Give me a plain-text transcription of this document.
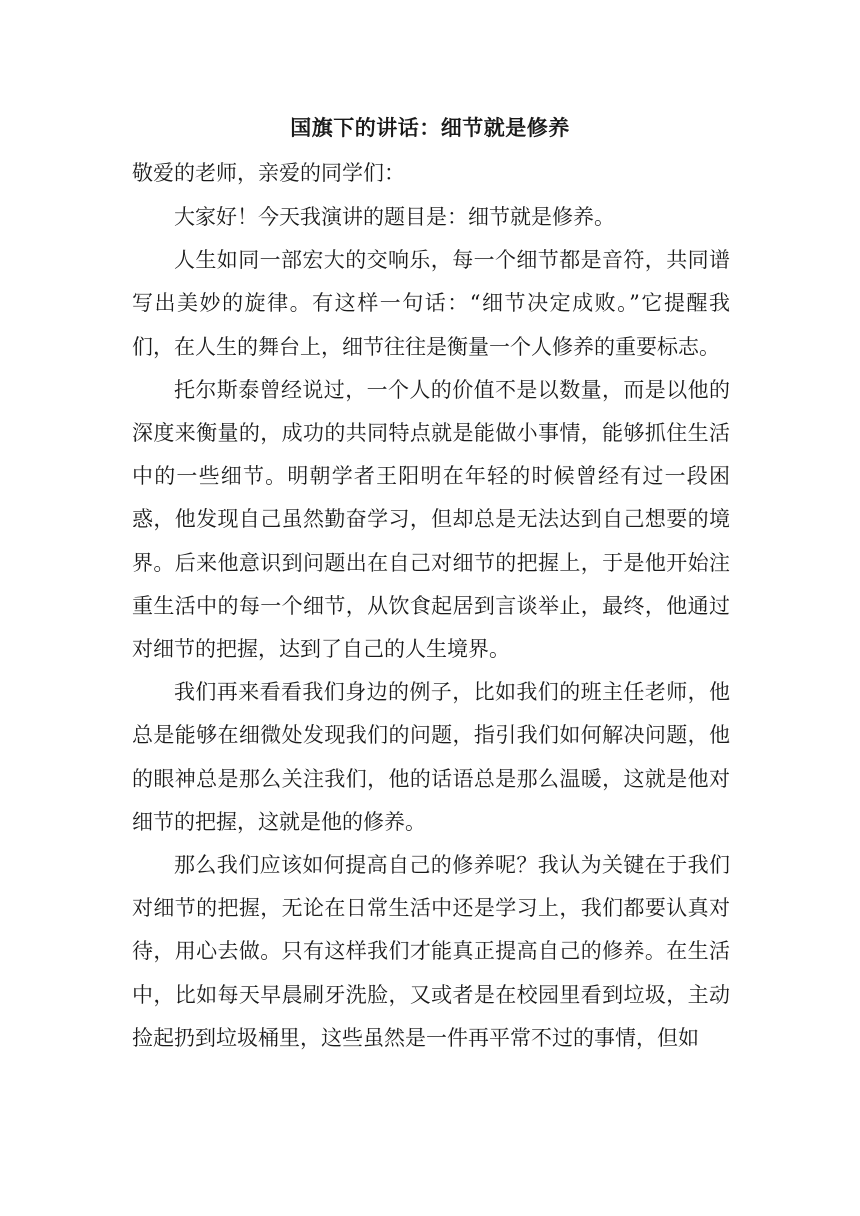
国旗下的讲话：细节就是修养
敬爱的老师，亲爱的同学们：

大家好！今天我演讲的题目是：细节就是修养。

人生如同一部宏大的交响乐，每一个细节都是音符，共同谱写出美妙的旋律。有这样一句话：“细节决定成败。”它提醒我们，在人生的舞台上，细节往往是衡量一个人修养的重要标志。

托尔斯泰曾经说过，一个人的价值不是以数量，而是以他的深度来衡量的，成功的共同特点就是能做小事情，能够抓住生活中的一些细节。明朝学者王阳明在年轻的时候曾经有过一段困惑，他发现自己虽然勤奋学习，但却总是无法达到自己想要的境界。后来他意识到问题出在自己对细节的把握上，于是他开始注重生活中的每一个细节，从饮食起居到言谈举止，最终，他通过对细节的把握，达到了自己的人生境界。

我们再来看看我们身边的例子，比如我们的班主任老师，他总是能够在细微处发现我们的问题，指引我们如何解决问题，他的眼神总是那么关注我们，他的话语总是那么温暖，这就是他对细节的把握，这就是他的修养。

那么我们应该如何提高自己的修养呢？我认为关键在于我们对细节的把握，无论在日常生活中还是学习上，我们都要认真对待，用心去做。只有这样我们才能真正提高自己的修养。在生活中，比如每天早晨刷牙洗脸，又或者是在校园里看到垃圾，主动捡起扔到垃圾桶里，这些虽然是一件再平常不过的事情，但如
